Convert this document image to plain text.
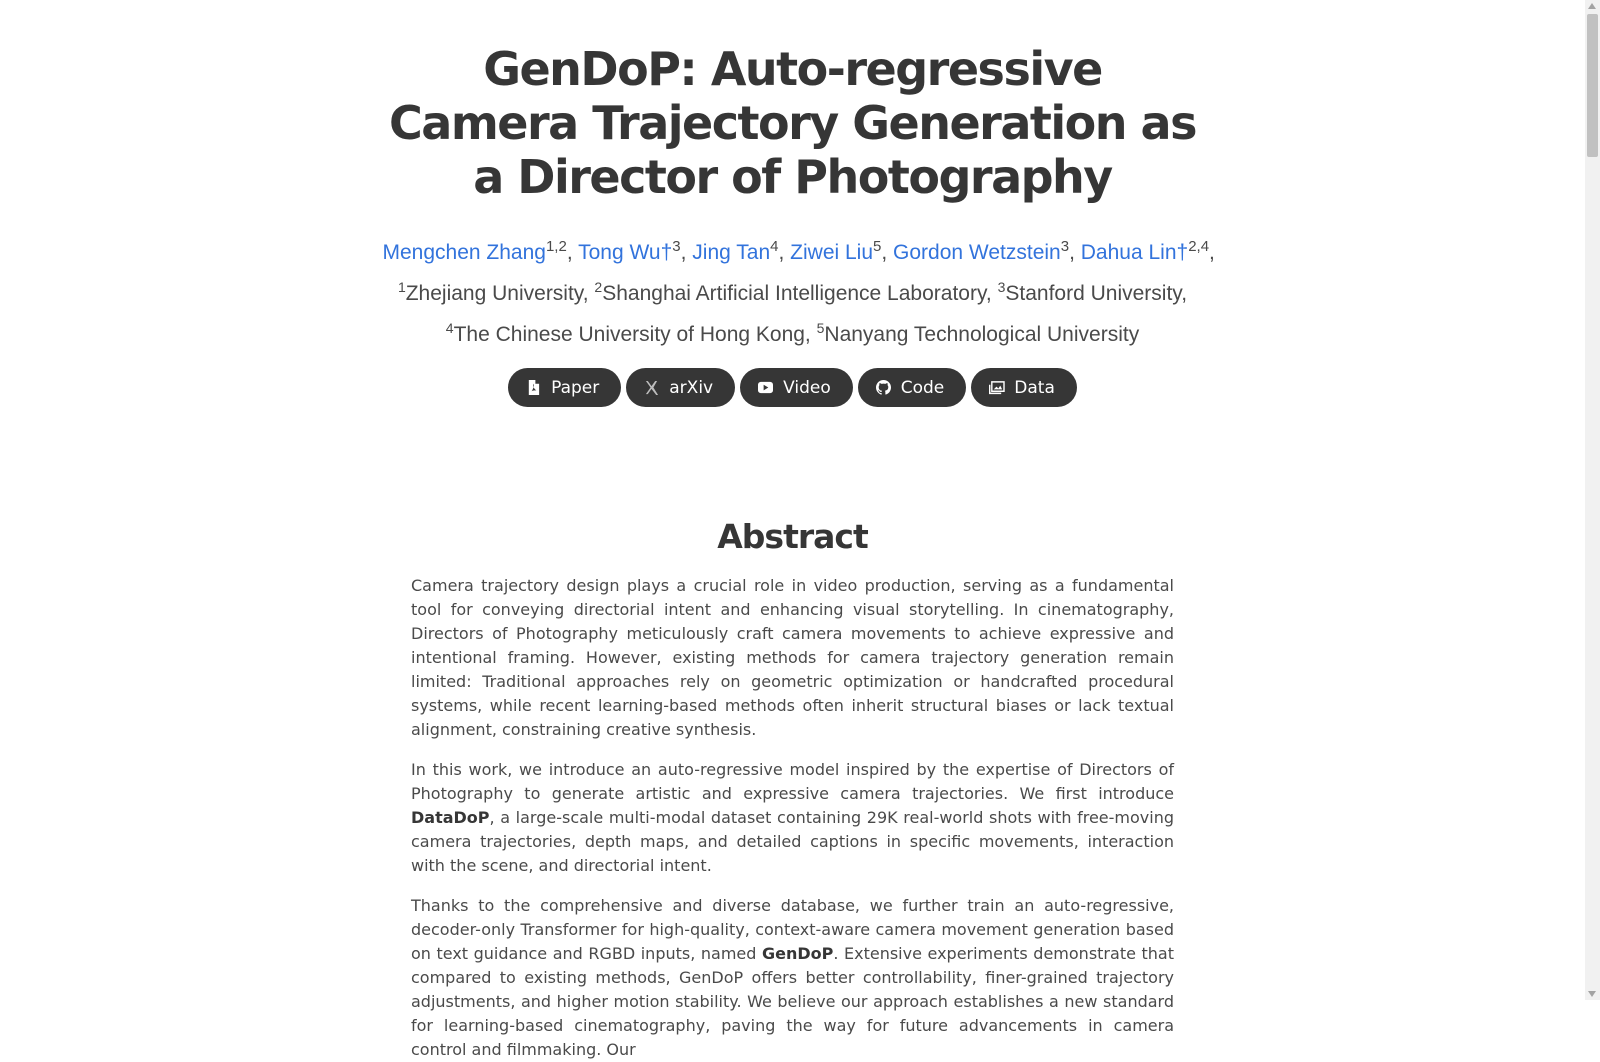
GenDoP: Auto-regressive Camera Trajectory Generation as a Director of Photography
Mengchen Zhang$^{1,2}$, Tong Wu†$^3$, Jing Tan$^4$, Ziwei Liu$^5$, Gordon Wetzstein$^3$, Dahua Lin†$^{2,4}$,
$^1$Zhejiang University, $^2$Shanghai Artificial Intelligence Laboratory, $^3$Stanford University,
$^4$The Chinese University of Hong Kong, $^5$Nanyang Technological University
Paper	arXiv	Video	Code	Data
Abstract

Camera trajectory design plays a crucial role in video production, serving as a fundamental tool for conveying directorial intent and enhancing visual storytelling. In cinematography, Directors of Photography meticulously craft camera movements to achieve expressive and intentional framing. However, existing methods for camera trajectory generation remain limited: Traditional approaches rely on geometric optimization or handcrafted procedural systems, while recent learning-based methods often inherit structural biases or lack textual alignment, constraining creative synthesis.

In this work, we introduce an auto-regressive model inspired by the expertise of Directors of Photography to generate artistic and expressive camera trajectories. We first introduce DataDoP, a large-scale multi-modal dataset containing 29K real-world shots with free-moving camera trajectories, depth maps, and detailed captions in specific movements, interaction with the scene, and directorial intent.

Thanks to the comprehensive and diverse database, we further train an auto-regressive, decoder-only Transformer for high-quality, context-aware camera movement generation based on text guidance and RGBD inputs, named GenDoP. Extensive experiments demonstrate that compared to existing methods, GenDoP offers better controllability, finer-grained trajectory adjustments, and higher motion stability. We believe our approach establishes a new standard for learning-based cinematography, paving the way for future advancements in camera control and filmmaking. Our
